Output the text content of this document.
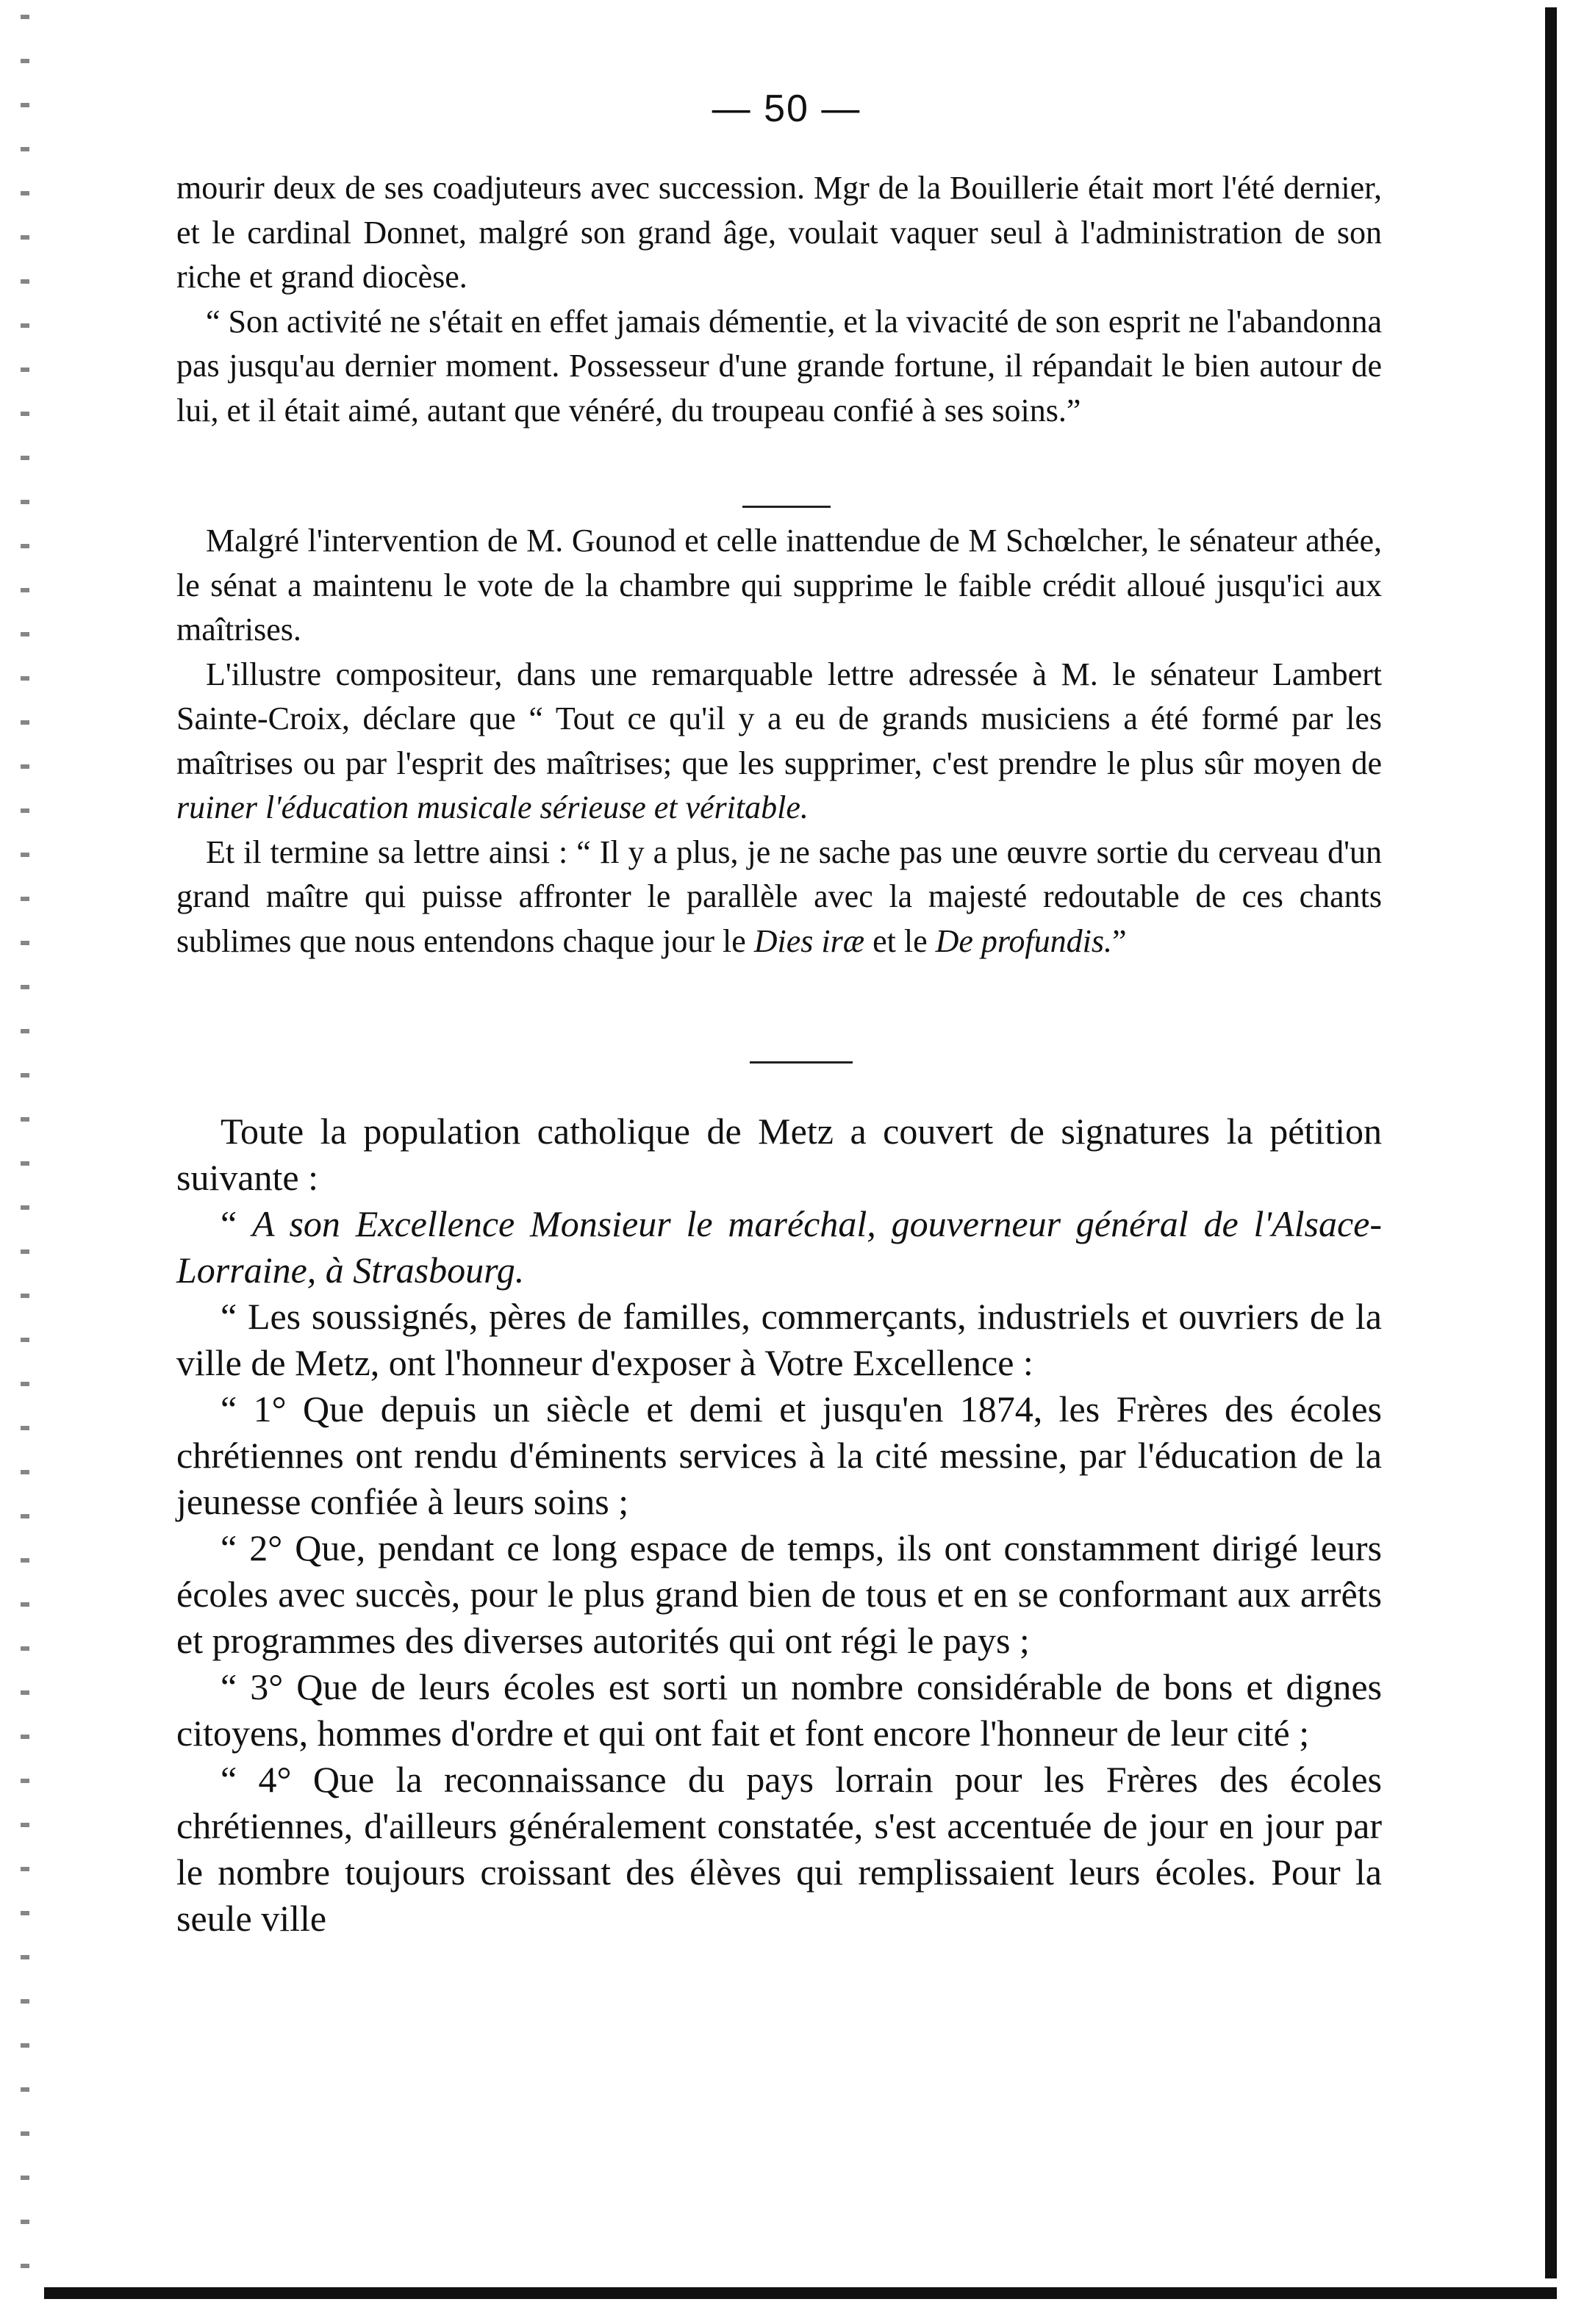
— 50 —

mourir deux de ses coadjuteurs avec succession. Mgr de la Bouillerie était mort l'été dernier, et le cardinal Donnet, malgré son grand âge, voulait vaquer seul à l'administration de son riche et grand diocèse.

“ Son activité ne s'était en effet jamais démentie, et la vivacité de son esprit ne l'abandonna pas jusqu'au dernier moment. Possesseur d'une grande fortune, il répandait le bien autour de lui, et il était aimé, autant que vénéré, du troupeau confié à ses soins.”

Malgré l'intervention de M. Gounod et celle inattendue de M Schœlcher, le sénateur athée, le sénat a maintenu le vote de la chambre qui supprime le faible crédit alloué jusqu'ici aux maîtrises.

L'illustre compositeur, dans une remarquable lettre adressée à M. le sénateur Lambert Sainte-Croix, déclare que “ Tout ce qu'il y a eu de grands musiciens a été formé par les maîtrises ou par l'esprit des maîtrises; que les supprimer, c'est prendre le plus sûr moyen de ruiner l'éducation musicale sérieuse et véritable.

Et il termine sa lettre ainsi : “ Il y a plus, je ne sache pas une œuvre sortie du cerveau d'un grand maître qui puisse affronter le parallèle avec la majesté redoutable de ces chants sublimes que nous entendons chaque jour le Dies iræ et le De profundis.”

Toute la population catholique de Metz a couvert de signatures la pétition suivante :

“ A son Excellence Monsieur le maréchal, gouverneur général de l'Alsace-Lorraine, à Strasbourg.

“ Les soussignés, pères de familles, commerçants, industriels et ouvriers de la ville de Metz, ont l'honneur d'exposer à Votre Excellence :

“ 1° Que depuis un siècle et demi et jusqu'en 1874, les Frères des écoles chrétiennes ont rendu d'éminents services à la cité messine, par l'éducation de la jeunesse confiée à leurs soins ;

“ 2° Que, pendant ce long espace de temps, ils ont constamment dirigé leurs écoles avec succès, pour le plus grand bien de tous et en se conformant aux arrêts et programmes des diverses autorités qui ont régi le pays ;

“ 3° Que de leurs écoles est sorti un nombre considérable de bons et dignes citoyens, hommes d'ordre et qui ont fait et font encore l'honneur de leur cité ;

“ 4° Que la reconnaissance du pays lorrain pour les Frères des écoles chrétiennes, d'ailleurs généralement constatée, s'est accentuée de jour en jour par le nombre toujours croissant des élèves qui remplissaient leurs écoles. Pour la seule ville
